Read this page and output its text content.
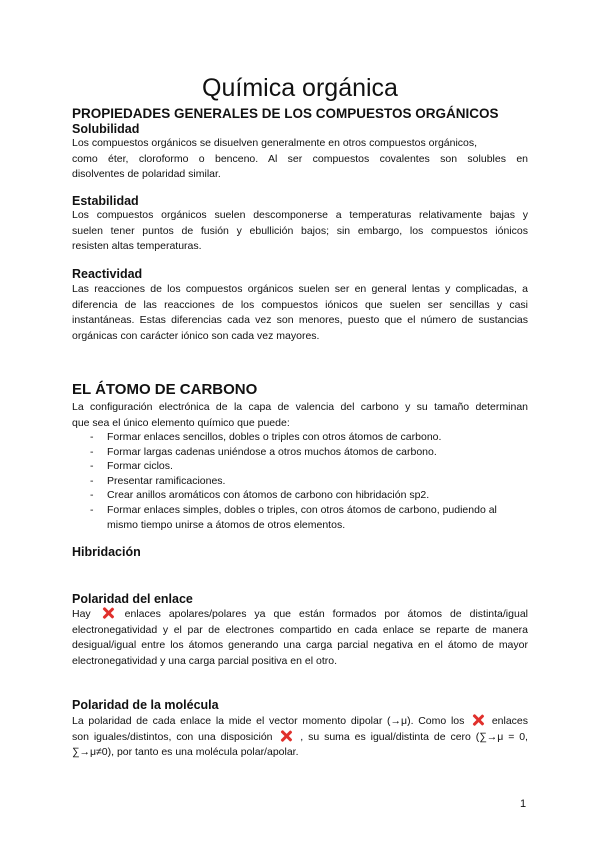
Química orgánica
PROPIEDADES GENERALES DE LOS COMPUESTOS ORGÁNICOS
Solubilidad
Los compuestos orgánicos se disuelven generalmente en otros compuestos orgánicos,
como éter, cloroformo o benceno. Al ser compuestos covalentes son solubles en
disolventes de polaridad similar.
Estabilidad
Los compuestos orgánicos suelen descomponerse a temperaturas relativamente bajas y
suelen tener puntos de fusión y ebullición bajos; sin embargo, los compuestos iónicos
resisten altas temperaturas.
Reactividad
Las reacciones de los compuestos orgánicos suelen ser en general lentas y complicadas, a
diferencia de las reacciones de los compuestos iónicos que suelen ser sencillas y casi
instantáneas. Estas diferencias cada vez son menores, puesto que el número de sustancias
orgánicas con carácter iónico son cada vez mayores.
EL ÁTOMO DE CARBONO
La configuración electrónica de la capa de valencia del carbono y su tamaño determinan
que sea el único elemento químico que puede:
- Formar enlaces sencillos, dobles o triples con otros átomos de carbono.
- Formar largas cadenas uniéndose a otros muchos átomos de carbono.
- Formar ciclos.
- Presentar ramificaciones.
- Crear anillos aromáticos con átomos de carbono con hibridación sp2.
- Formar enlaces simples, dobles o triples, con otros átomos de carbono, pudiendo al mismo tiempo unirse a átomos de otros elementos.
Hibridación
Polaridad del enlace
Hay	enlaces apolares/polares ya que están formados por átomos de distinta/igual
electronegatividad y el par de electrones compartido en cada enlace se reparte de manera
desigual/igual entre los átomos generando una carga parcial negativa en el átomo de mayor
electronegatividad y una carga parcial positiva en el otro.
Polaridad de la molécula
La polaridad de cada enlace la mide el vector momento dipolar (→μ). Como los	enlaces
son iguales/distintos, con una disposición	, su suma es igual/distinta de cero (∑→μ = 0,
∑→μ≠0), por tanto es una molécula polar/apolar.
1
